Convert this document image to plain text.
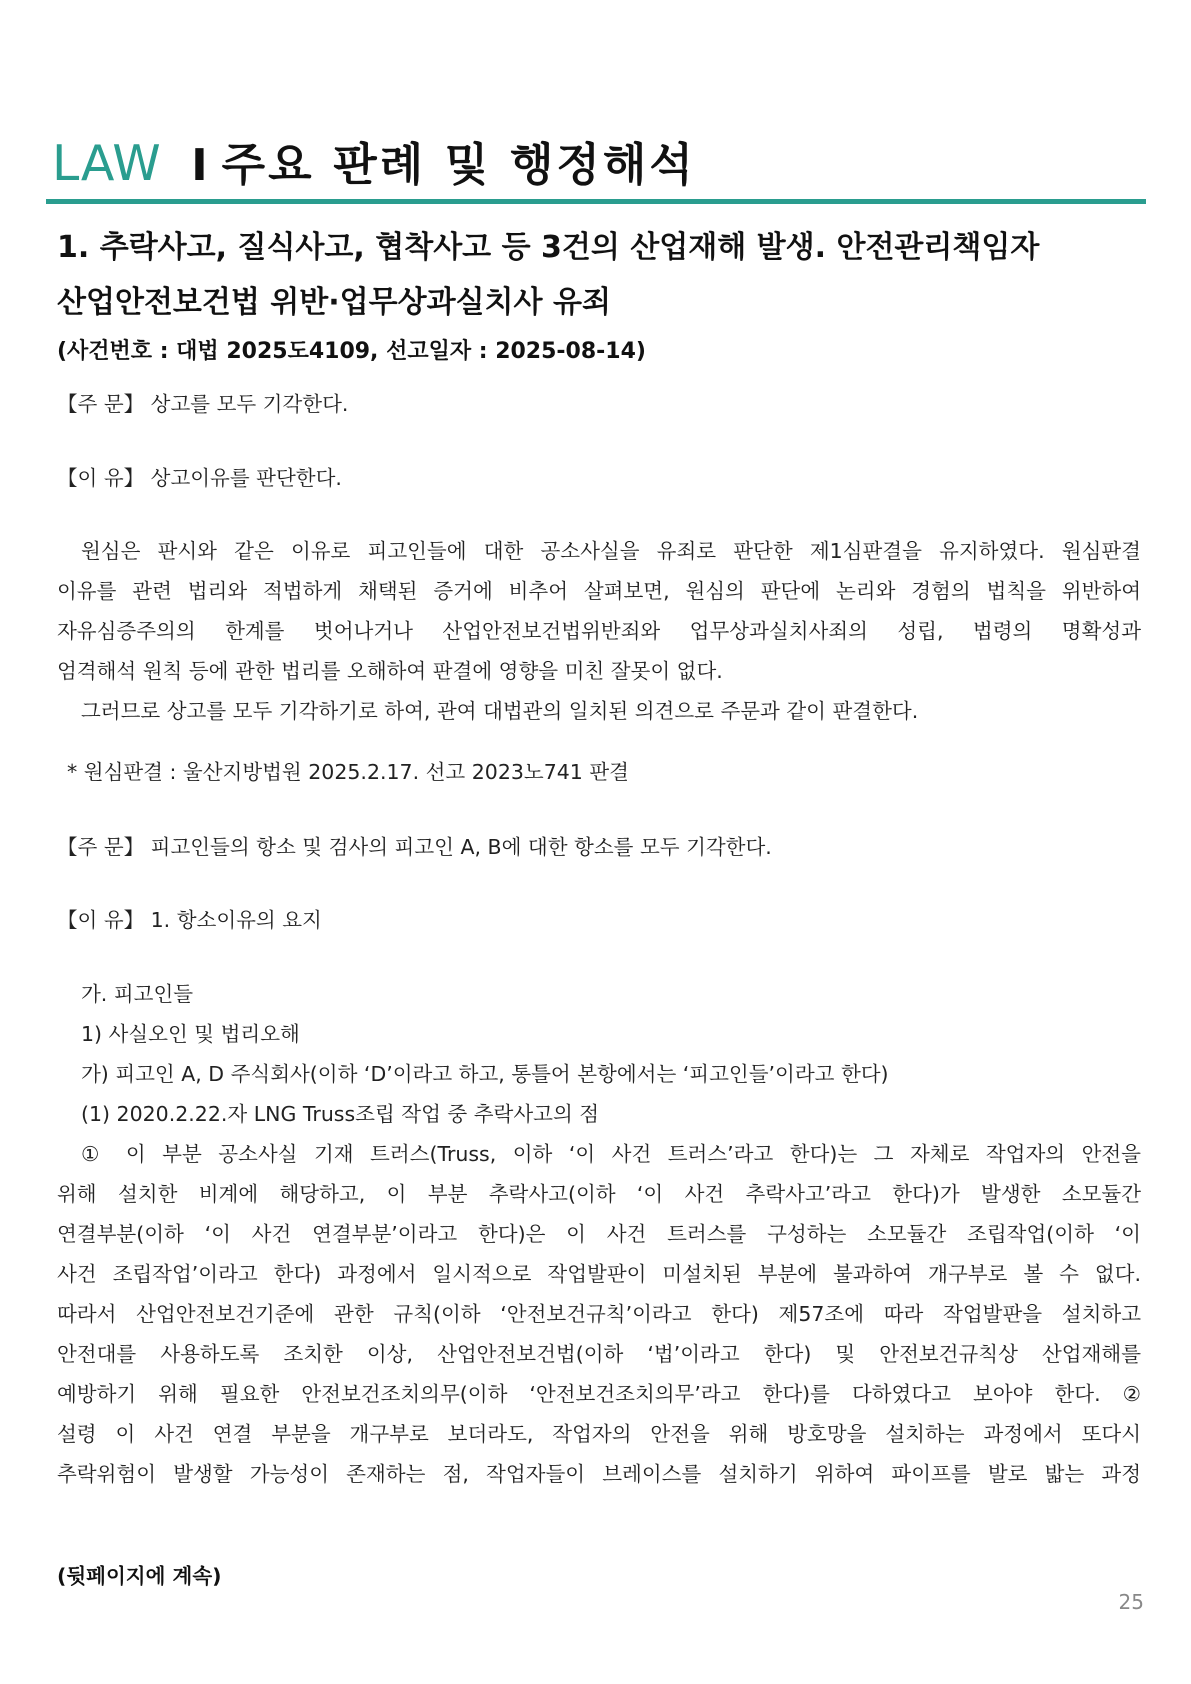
LAW I 주요 판례 및 행정해석
1. 추락사고, 질식사고, 협착사고 등 3건의 산업재해 발생. 안전관리책임자
산업안전보건법 위반·업무상과실치사 유죄
(사건번호 : 대법 2025도4109, 선고일자 : 2025-08-14)
【주 문】 상고를 모두 기각한다.
【이 유】 상고이유를 판단한다.
원심은 판시와 같은 이유로 피고인들에 대한 공소사실을 유죄로 판단한 제1심판결을 유지하였다. 원심판결
이유를 관련 법리와 적법하게 채택된 증거에 비추어 살펴보면, 원심의 판단에 논리와 경험의 법칙을 위반하여
자유심증주의의 한계를 벗어나거나 산업안전보건법위반죄와 업무상과실치사죄의 성립, 법령의 명확성과
엄격해석 원칙 등에 관한 법리를 오해하여 판결에 영향을 미친 잘못이 없다.
그러므로 상고를 모두 기각하기로 하여, 관여 대법관의 일치된 의견으로 주문과 같이 판결한다.
* 원심판결 : 울산지방법원 2025.2.17. 선고 2023노741 판결
【주 문】 피고인들의 항소 및 검사의 피고인 A, B에 대한 항소를 모두 기각한다.
【이 유】 1. 항소이유의 요지
가. 피고인들
1) 사실오인 및 법리오해
가) 피고인 A, D 주식회사(이하 ‘D’이라고 하고, 통틀어 본항에서는 ‘피고인들’이라고 한다)
(1) 2020.2.22.자 LNG Truss조립 작업 중 추락사고의 점
① 이 부분 공소사실 기재 트러스(Truss, 이하 ‘이 사건 트러스’라고 한다)는 그 자체로 작업자의 안전을
위해 설치한 비계에 해당하고, 이 부분 추락사고(이하 ‘이 사건 추락사고’라고 한다)가 발생한 소모듈간
연결부분(이하 ‘이 사건 연결부분’이라고 한다)은 이 사건 트러스를 구성하는 소모듈간 조립작업(이하 ‘이
사건 조립작업’이라고 한다) 과정에서 일시적으로 작업발판이 미설치된 부분에 불과하여 개구부로 볼 수 없다.
따라서 산업안전보건기준에 관한 규칙(이하 ‘안전보건규칙’이라고 한다) 제57조에 따라 작업발판을 설치하고
안전대를 사용하도록 조치한 이상, 산업안전보건법(이하 ‘법’이라고 한다) 및 안전보건규칙상 산업재해를
예방하기 위해 필요한 안전보건조치의무(이하 ‘안전보건조치의무’라고 한다)를 다하였다고 보아야 한다. ②
설령 이 사건 연결 부분을 개구부로 보더라도, 작업자의 안전을 위해 방호망을 설치하는 과정에서 또다시
추락위험이 발생할 가능성이 존재하는 점, 작업자들이 브레이스를 설치하기 위하여 파이프를 발로 밟는 과정
(뒷페이지에 계속)
25
